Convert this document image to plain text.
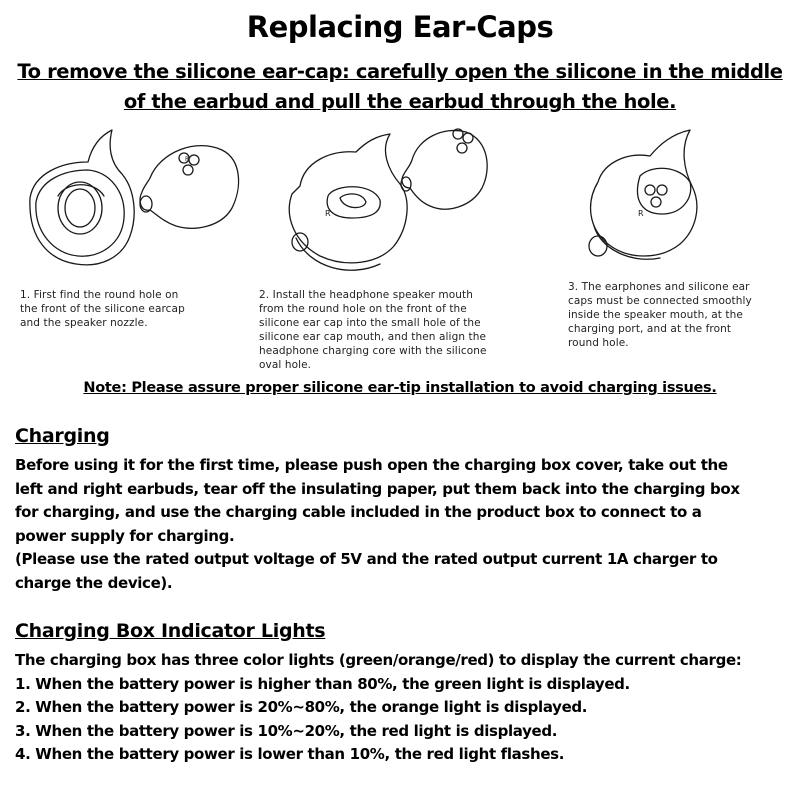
Replacing Ear-Caps
To remove the silicone ear-cap: carefully open the silicone in the middle
of the earbud and pull the earbud through the hole.
R
R	R
1. First find the round hole on
the front of the silicone earcap
and the speaker nozzle.
2. Install the headphone speaker mouth
from the round hole on the front of the
silicone ear cap into the small hole of the
silicone ear cap mouth, and then align the
headphone charging core with the silicone
oval hole.
3. The earphones and silicone ear
caps must be connected smoothly
inside the speaker mouth, at the
charging port, and at the front
round hole.
Note: Please assure proper silicone ear-tip installation to avoid charging issues.
Charging
Before using it for the first time, please push open the charging box cover, take out the
left and right earbuds, tear off the insulating paper, put them back into the charging box
for charging, and use the charging cable included in the product box to connect to a
power supply for charging.
(Please use the rated output voltage of 5V and the rated output current 1A charger to
charge the device).
Charging Box Indicator Lights
The charging box has three color lights (green/orange/red) to display the current charge:
1. When the battery power is higher than 80%, the green light is displayed.
2. When the battery power is 20%~80%, the orange light is displayed.
3. When the battery power is 10%~20%, the red light is displayed.
4. When the battery power is lower than 10%, the red light flashes.
